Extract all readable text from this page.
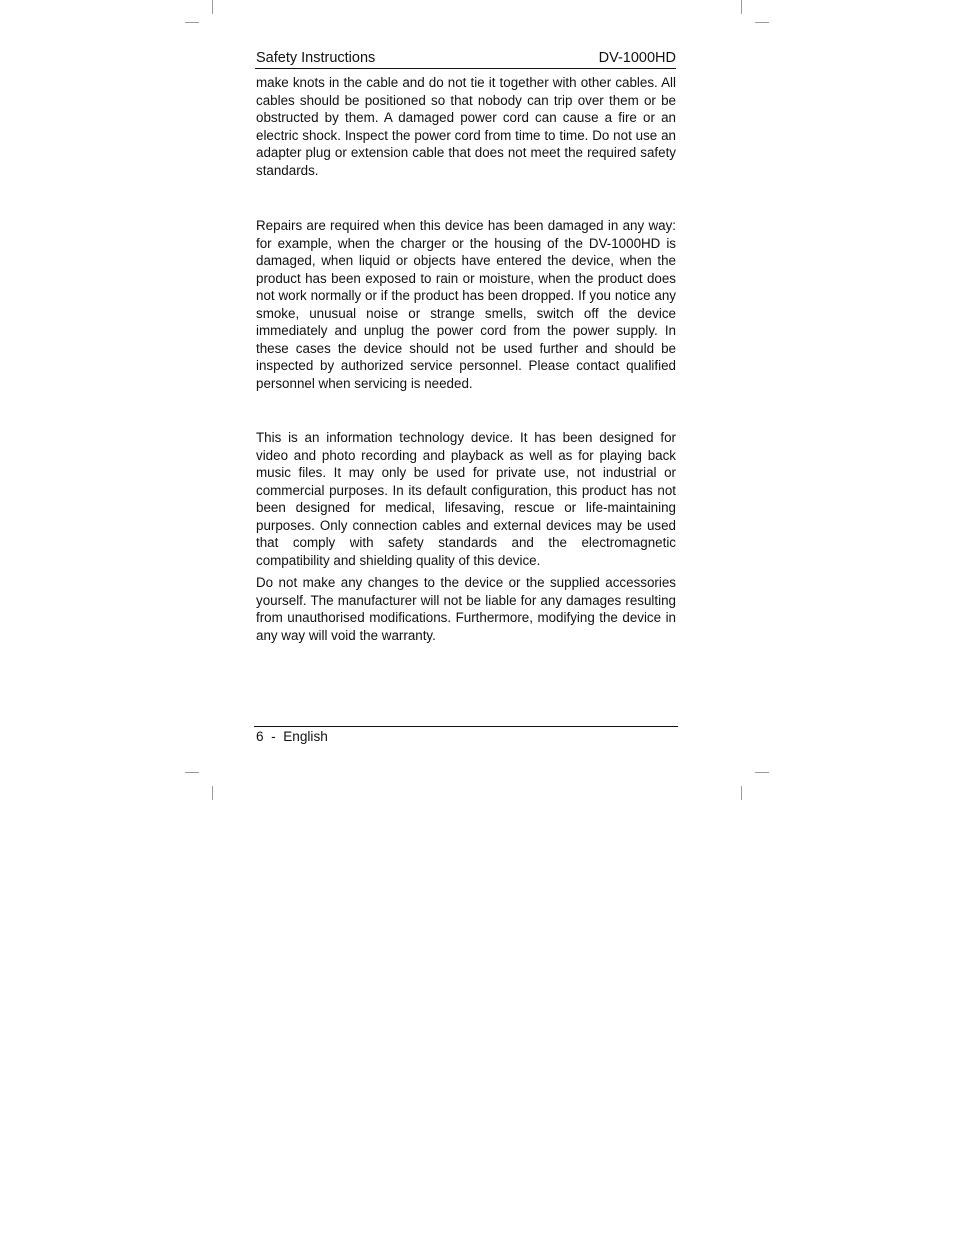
Safety Instructions	DV-1000HD

make knots in the cable and do not tie it together with other cables. All cables should be positioned so that nobody can trip over them or be obstructed by them. A damaged power cord can cause a fire or an electric shock. Inspect the power cord from time to time. Do not use an adapter plug or extension cable that does not meet the required safety standards.

Repairs are required when this device has been damaged in any way: for example, when the charger or the housing of the DV-1000HD is damaged, when liquid or objects have entered the device, when the product has been exposed to rain or moisture, when the product does not work normally or if the product has been dropped. If you notice any smoke, unusual noise or strange smells, switch off the device immediately and unplug the power cord from the power supply. In these cases the device should not be used further and should be inspected by authorized service personnel. Please contact qualified personnel when servicing is needed.

This is an information technology device. It has been designed for video and photo recording and playback as well as for playing back music files. It may only be used for private use, not industrial or commercial purposes. In its default configuration, this product has not been designed for medical, lifesaving, rescue or life-maintaining purposes. Only connection cables and external devices may be used that comply with safety standards and the electromagnetic compatibility and shielding quality of this device.

Do not make any changes to the device or the supplied accessories yourself. The manufacturer will not be liable for any damages resulting from unauthorised modifications. Furthermore, modifying the device in any way will void the warranty.

6 - English
